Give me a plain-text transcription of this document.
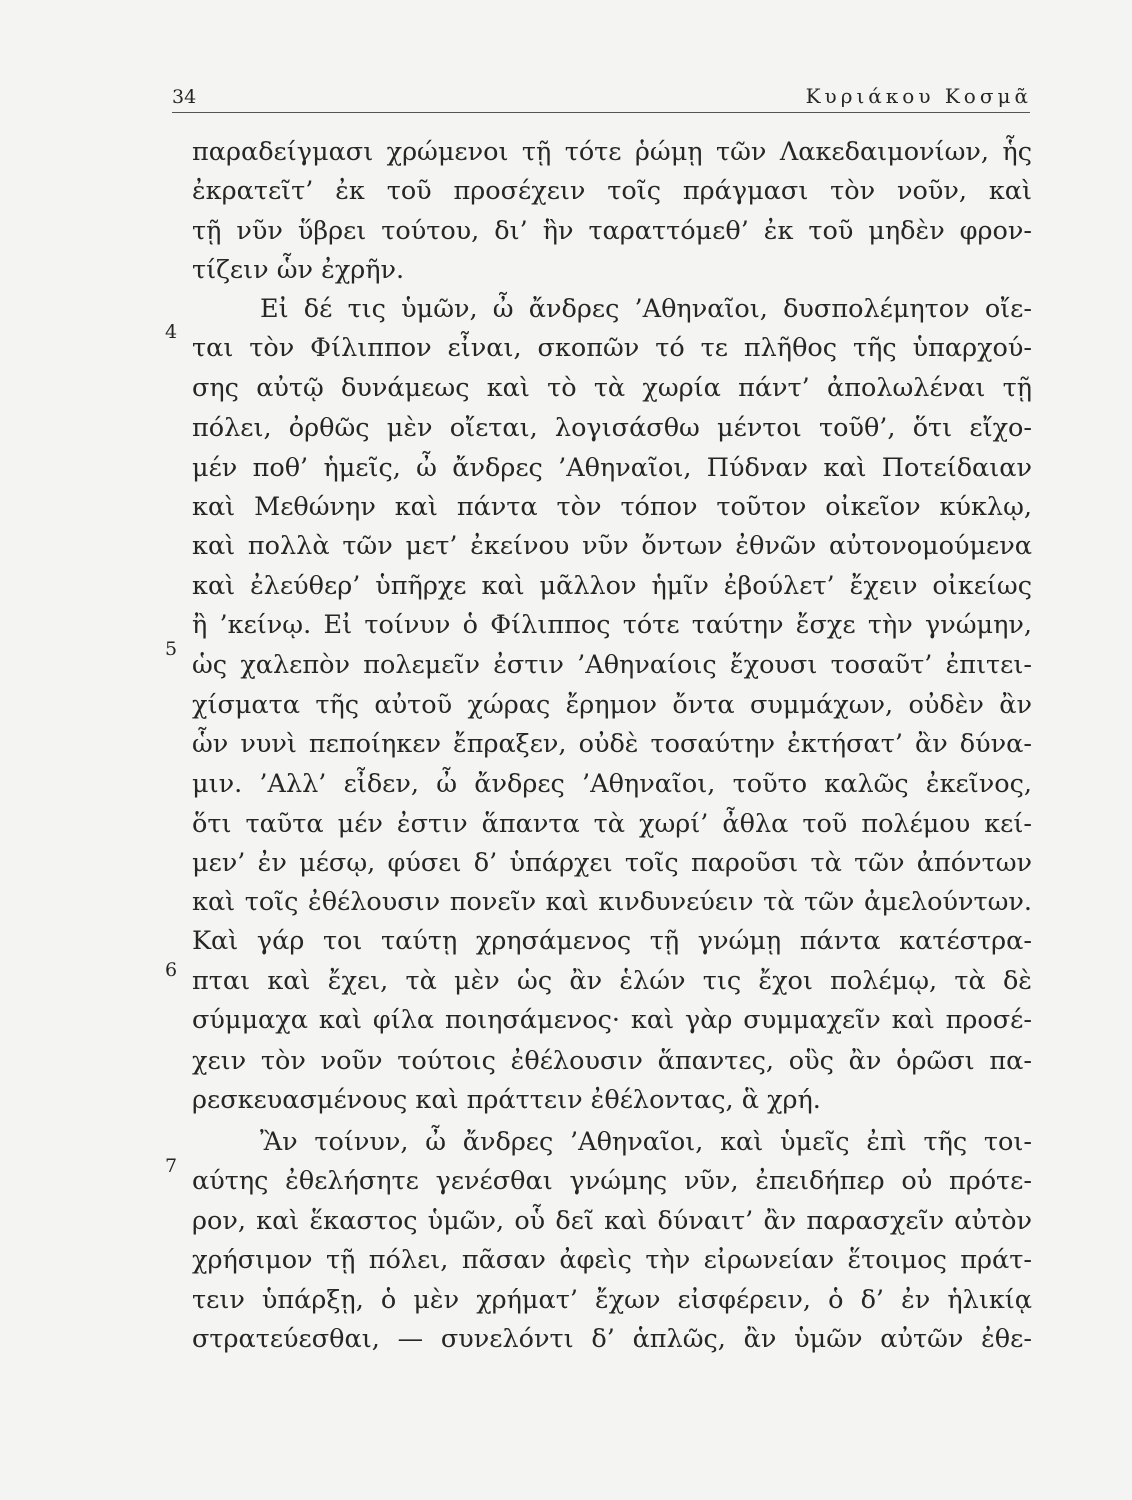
34	Κυριάκου Κοσμᾶ
4
5
6
7
παραδείγμασι χρώμενοι τῇ τότε ῥώμῃ τῶν Λακεδαιμονίων, ἧς
ἐκρατεῖτ’ ἐκ τοῦ προσέχειν τοῖς πράγμασι τὸν νοῦν, καὶ
τῇ νῦν ὕβρει τούτου, δι’ ἣν ταραττόμεθ’ ἐκ τοῦ μηδὲν φρον-
τίζειν ὧν ἐχρῆν.
Εἰ δέ τις ὑμῶν, ὦ ἄνδρες ’Αθηναῖοι, δυσπολέμητον οἴε-
ται τὸν Φίλιππον εἶναι, σκοπῶν τό τε πλῆθος τῆς ὑπαρχού-
σης αὐτῷ δυνάμεως καὶ τὸ τὰ χωρία πάντ’ ἀπολωλέναι τῇ
πόλει, ὀρθῶς μὲν οἴεται, λογισάσθω μέντοι τοῦθ’, ὅτι εἴχο-
μέν ποθ’ ἡμεῖς, ὦ ἄνδρες ’Αθηναῖοι, Πύδναν καὶ Ποτείδαιαν
καὶ Μεθώνην καὶ πάντα τὸν τόπον τοῦτον οἰκεῖον κύκλῳ,
καὶ πολλὰ τῶν μετ’ ἐκείνου νῦν ὄντων ἐθνῶν αὐτονομούμενα
καὶ ἐλεύθερ’ ὑπῆρχε καὶ μᾶλλον ἡμῖν ἐβούλετ’ ἔχειν οἰκείως
ἢ ’κείνῳ. Εἰ τοίνυν ὁ Φίλιππος τότε ταύτην ἔσχε τὴν γνώμην,
ὡς χαλεπὸν πολεμεῖν ἐστιν ’Αθηναίοις ἔχουσι τοσαῦτ’ ἐπιτει-
χίσματα τῆς αὐτοῦ χώρας ἔρημον ὄντα συμμάχων, οὐδὲν ἂν
ὧν νυνὶ πεποίηκεν ἔπραξεν, οὐδὲ τοσαύτην ἐκτήσατ’ ἂν δύνα-
μιν. ’Αλλ’ εἶδεν, ὦ ἄνδρες ’Αθηναῖοι, τοῦτο καλῶς ἐκεῖνος,
ὅτι ταῦτα μέν ἐστιν ἅπαντα τὰ χωρί’ ἆθλα τοῦ πολέμου κεί-
μεν’ ἐν μέσῳ, φύσει δ’ ὑπάρχει τοῖς παροῦσι τὰ τῶν ἀπόντων
καὶ τοῖς ἐθέλουσιν πονεῖν καὶ κινδυνεύειν τὰ τῶν ἀμελούντων.
Καὶ γάρ τοι ταύτῃ χρησάμενος τῇ γνώμῃ πάντα κατέστρα-
πται καὶ ἔχει, τὰ μὲν ὡς ἂν ἑλών τις ἔχοι πολέμῳ, τὰ δὲ
σύμμαχα καὶ φίλα ποιησάμενος· καὶ γὰρ συμμαχεῖν καὶ προσέ-
χειν τὸν νοῦν τούτοις ἐθέλουσιν ἅπαντες, οὓς ἂν ὁρῶσι πα-
ρεσκευασμένους καὶ πράττειν ἐθέλοντας, ἃ χρή.
Ἂν τοίνυν, ὦ ἄνδρες ’Αθηναῖοι, καὶ ὑμεῖς ἐπὶ τῆς τοι-
αύτης ἐθελήσητε γενέσθαι γνώμης νῦν, ἐπειδήπερ οὐ πρότε-
ρον, καὶ ἕκαστος ὑμῶν, οὗ δεῖ καὶ δύναιτ’ ἂν παρασχεῖν αὐτὸν
χρήσιμον τῇ πόλει, πᾶσαν ἀφεὶς τὴν εἰρωνείαν ἕτοιμος πράτ-
τειν ὑπάρξῃ, ὁ μὲν χρήματ’ ἔχων εἰσφέρειν, ὁ δ’ ἐν ἡλικίᾳ
στρατεύεσθαι, — συνελόντι δ’ ἁπλῶς, ἂν ὑμῶν αὐτῶν ἐθε-
